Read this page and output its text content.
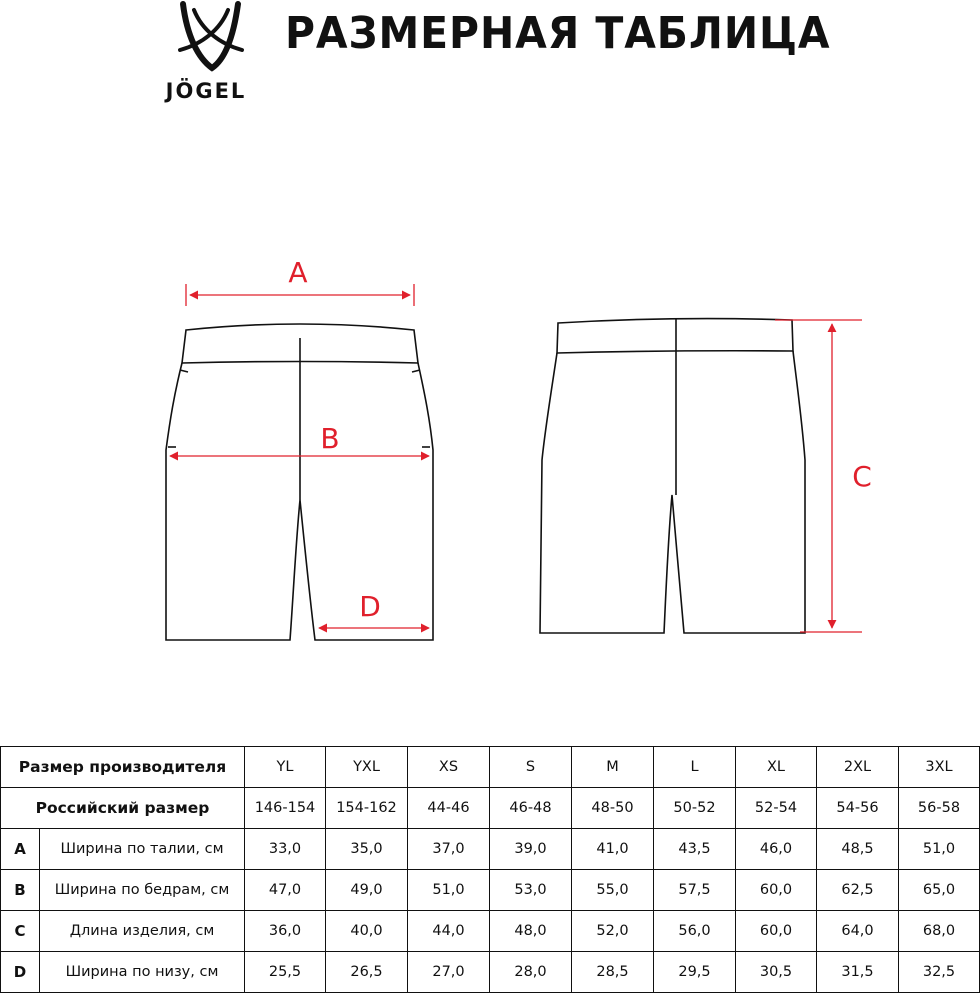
JÖGEL
РАЗМЕРНАЯ ТАБЛИЦА
A
B
D
C
Размер производителя		YL	YXL	XS	S	M	L	XL	2XL	3XL
Российский размер		146-154	154-162	44-46	46-48	48-50	50-52	52-54	54-56	56-58
A	Ширина по талии, см	33,0	35,0	37,0	39,0	41,0	43,5	46,0	48,5	51,0
B	Ширина по бедрам, см	47,0	49,0	51,0	53,0	55,0	57,5	60,0	62,5	65,0
C	Длина изделия, см	36,0	40,0	44,0	48,0	52,0	56,0	60,0	64,0	68,0
D	Ширина по низу, см	25,5	26,5	27,0	28,0	28,5	29,5	30,5	31,5	32,5
